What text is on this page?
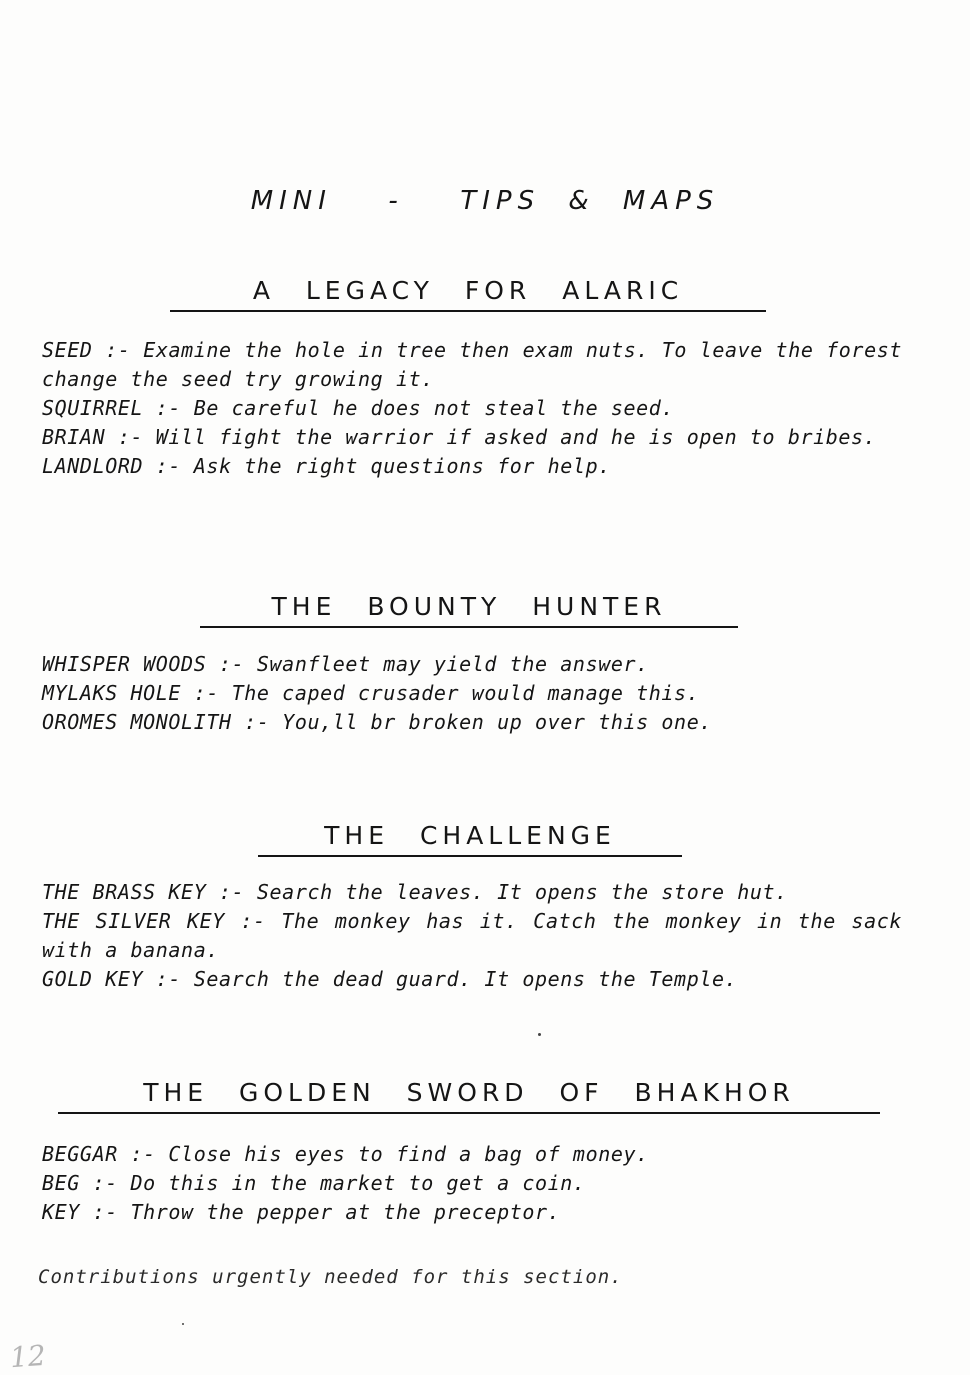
MINI  -  TIPS & MAPS
A LEGACY FOR ALARIC

SEED :- Examine the hole in tree then exam nuts. To leave the forest change the seed try growing it.

SQUIRREL :- Be careful he does not steal the seed.

BRIAN :- Will fight the warrior if asked and he is open to bribes.

LANDLORD :- Ask the right questions for help.

THE BOUNTY HUNTER

WHISPER WOODS :- Swanfleet may yield the answer.

MYLAKS HOLE :- The caped crusader would manage this.

OROMES MONOLITH :- You,ll br broken up over this one.

THE CHALLENGE

THE BRASS KEY :- Search the leaves. It opens the store hut.

THE SILVER KEY :- The monkey has it. Catch the monkey in the sack with a banana.

GOLD KEY :- Search the dead guard. It opens the Temple.

THE GOLDEN SWORD OF BHAKHOR

BEGGAR :- Close his eyes to find a bag of money.

BEG :- Do this in the market to get a coin.

KEY :- Throw the pepper at the preceptor.

Contributions urgently needed for this section.
12
